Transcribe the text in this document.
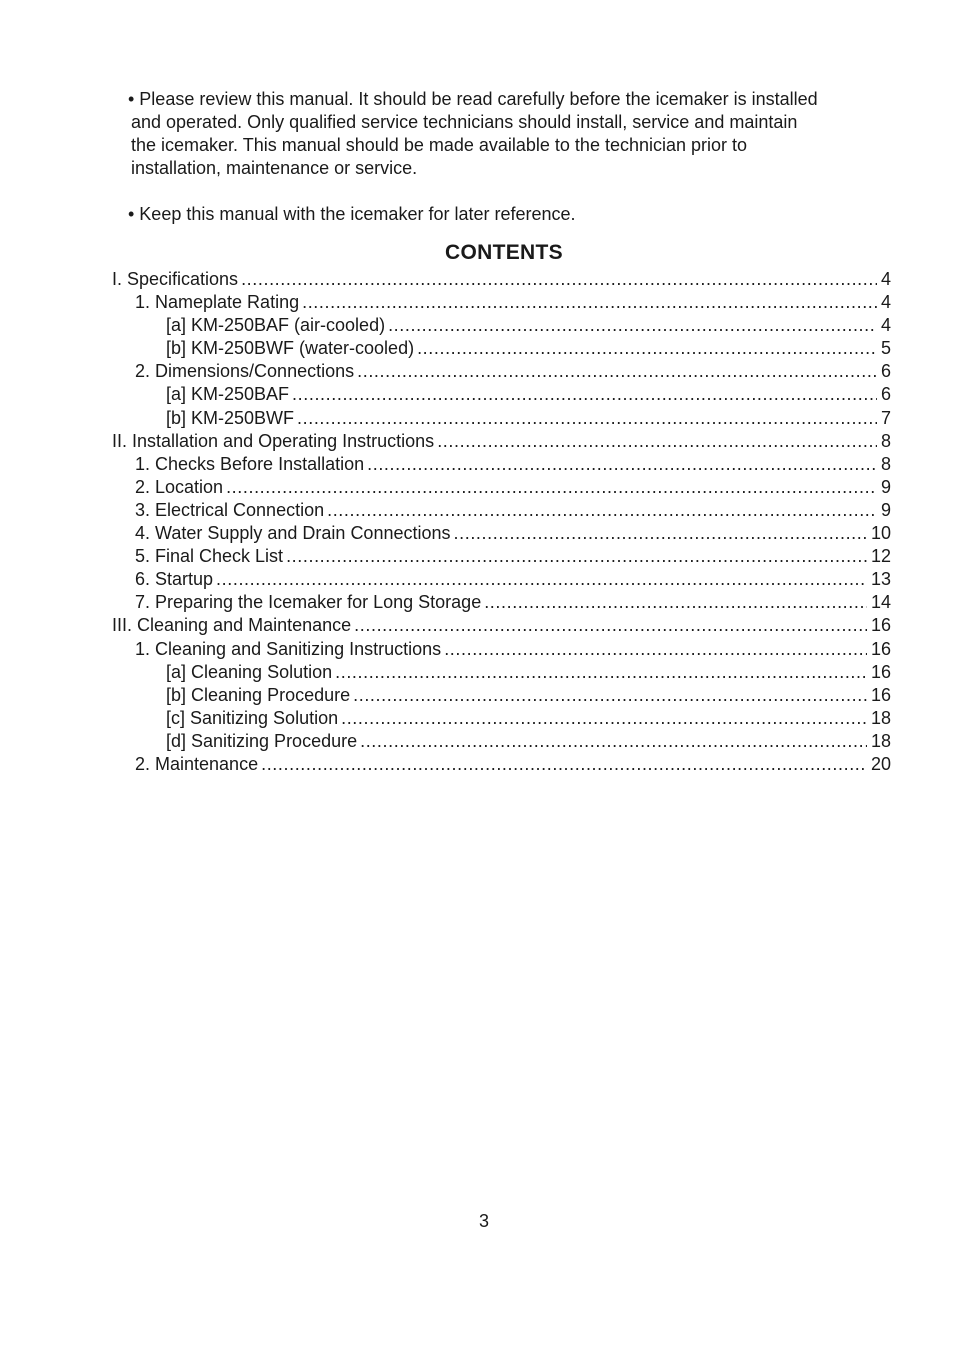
• Please review this manual. It should be read carefully before the icemaker is installed
and operated. Only qualified service technicians should install, service and maintain
the icemaker. This manual should be made available to the technician prior to
installation, maintenance or service.

• Keep this manual with the icemaker for later reference.

CONTENTS
I. Specifications .....	4
1. Nameplate Rating .....	4
[a] KM-250BAF (air-cooled) .....	4
[b] KM-250BWF (water-cooled) .....	5
2. Dimensions/Connections .....	6
[a] KM-250BAF .....	6
[b] KM-250BWF .....	7
II. Installation and Operating Instructions .....	8
1. Checks Before Installation .....	8
2. Location .....	9
3. Electrical Connection .....	9
4. Water Supply and Drain Connections .....	10
5. Final Check List .....	12
6. Startup .....	13
7. Preparing the Icemaker for Long Storage .....	14
III. Cleaning and Maintenance .....	16
1. Cleaning and Sanitizing Instructions .....	16
[a] Cleaning Solution .....	16
[b] Cleaning Procedure .....	16
[c] Sanitizing Solution .....	18
[d] Sanitizing Procedure .....	18
2. Maintenance .....	20
3
